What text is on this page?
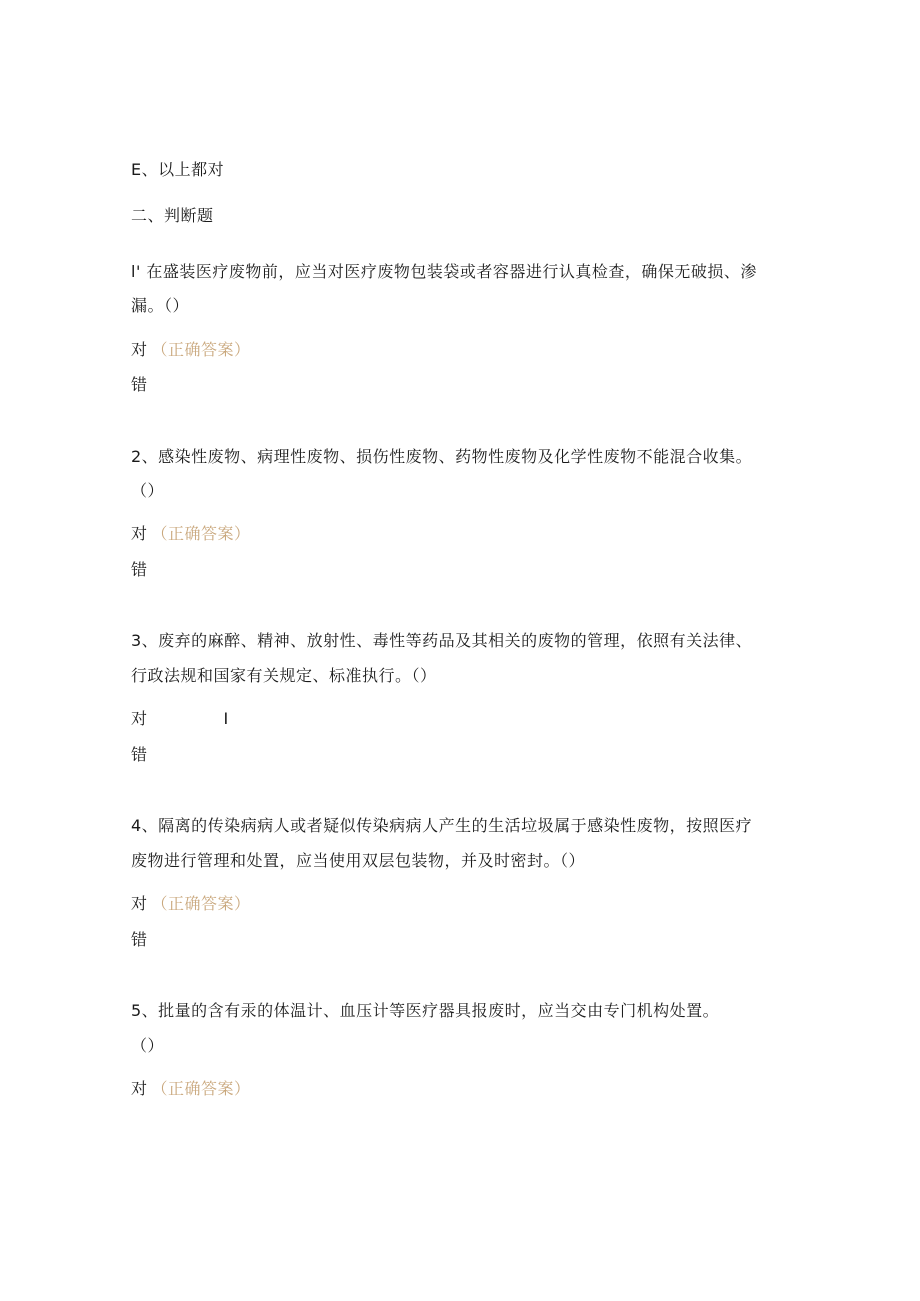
E、以上都对
二、判断题
l' 在盛装医疗废物前，应当对医疗废物包装袋或者容器进行认真检查，确保无破损、渗
漏。（）
对 （正确答案）
错
2、感染性废物、病理性废物、损伤性废物、药物性废物及化学性废物不能混合收集。
（）
对 （正确答案）
错
3、废弃的麻醉、精神、放射性、毒性等药品及其相关的废物的管理，依照有关法律、
行政法规和国家有关规定、标准执行。（）
对	I
错
4、隔离的传染病病人或者疑似传染病病人产生的生活垃圾属于感染性废物，按照医疗
废物进行管理和处置，应当使用双层包装物，并及时密封。（）
对 （正确答案）
错
5、批量的含有汞的体温计、血压计等医疗器具报废时，应当交由专门机构处置。
（）
对 （正确答案）
